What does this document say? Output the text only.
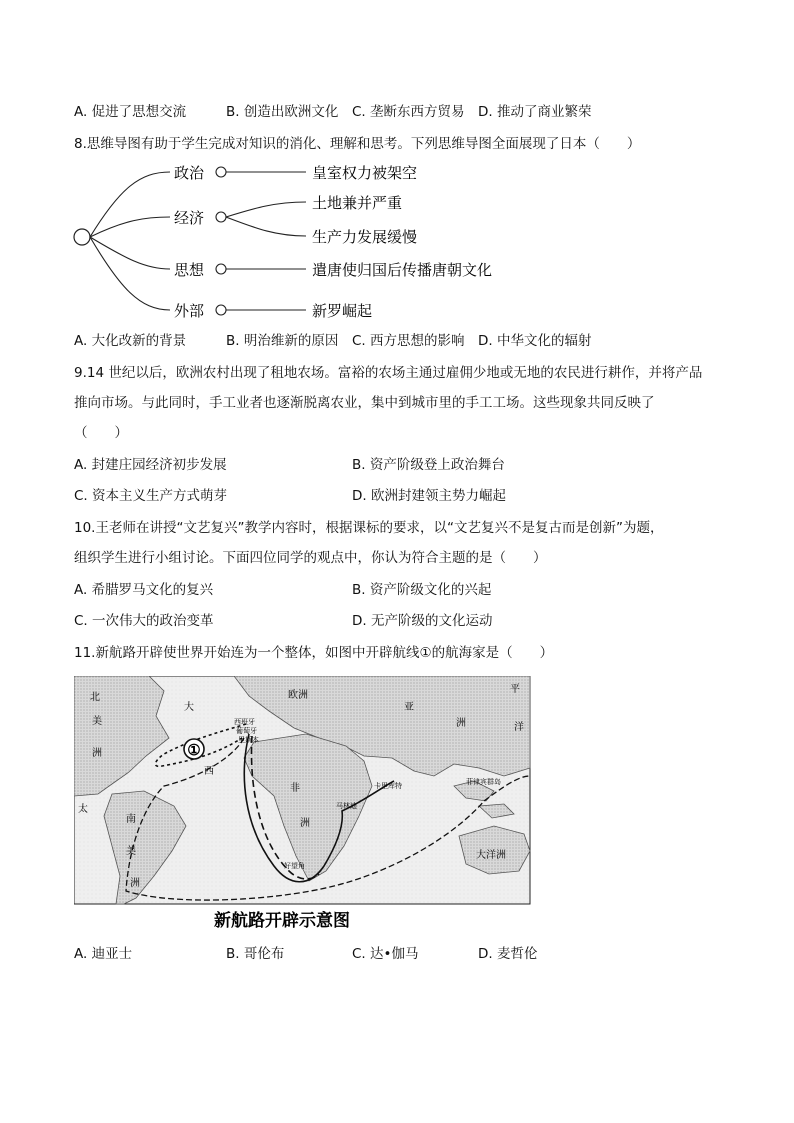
A. 促进了思想交流	B. 创造出欧洲文化 C. 垄断东西方贸易 D. 推动了商业繁荣
8.思维导图有助于学生完成对知识的消化、理解和思考。下列思维导图全面展现了日本（　　）
政治
经济
思想
外部
皇室权力被架空
土地兼并严重
生产力发展缓慢
遣唐使归国后传播唐朝文化
新罗崛起
A. 大化改新的背景	B. 明治维新的原因 C. 西方思想的影响 D. 中华文化的辐射
9.14 世纪以后，欧洲农村出现了租地农场。富裕的农场主通过雇佣少地或无地的农民进行耕作，并将产品
推向市场。与此同时，手工业者也逐渐脱离农业，集中到城市里的手工工场。这些现象共同反映了
（　　）
A. 封建庄园经济初步发展	B. 资产阶级登上政治舞台
C. 资本主义生产方式萌芽	D. 欧洲封建领主势力崛起
10.王老师在讲授“文艺复兴”教学内容时，根据课标的要求，以“文艺复兴不是复古而是创新”为题，
组织学生进行小组讨论。下面四位同学的观点中，你认为符合主题的是（　　）
A. 希腊罗马文化的复兴	B. 资产阶级文化的兴起
C. 一次伟大的政治变革	D. 无产阶级的文化运动
11.新航路开辟使世界开始连为一个整体，如图中开辟航线①的航海家是（　　）
①
北
美
洲
南
美
洲
欧洲
亚
洲
非
洲
大洋洲
大
西
太
平
洋
西班牙
葡萄牙
里斯本
卡里库特
马林迪
菲律宾群岛
好望角
新航路开辟示意图
A. 迪亚士	B. 哥伦布	C. 达•伽马	D. 麦哲伦
